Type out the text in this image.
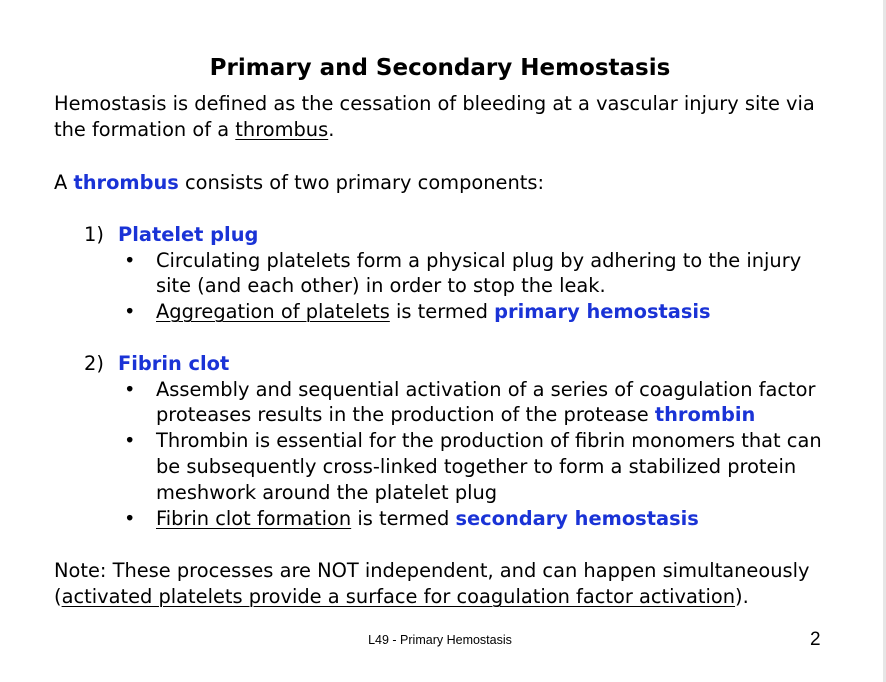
Primary and Secondary Hemostasis
Hemostasis is defined as the cessation of bleeding at a vascular injury site via
the formation of a thrombus.
A thrombus consists of two primary components:
1) Platelet plug
• Circulating platelets form a physical plug by adhering to the injury
site (and each other) in order to stop the leak.
• Aggregation of platelets is termed primary hemostasis
2) Fibrin clot
• Assembly and sequential activation of a series of coagulation factor
proteases results in the production of the protease thrombin
• Thrombin is essential for the production of fibrin monomers that can
be subsequently cross-linked together to form a stabilized protein
meshwork around the platelet plug
• Fibrin clot formation is termed secondary hemostasis
Note: These processes are NOT independent, and can happen simultaneously
(activated platelets provide a surface for coagulation factor activation).
L49 - Primary Hemostasis	2
